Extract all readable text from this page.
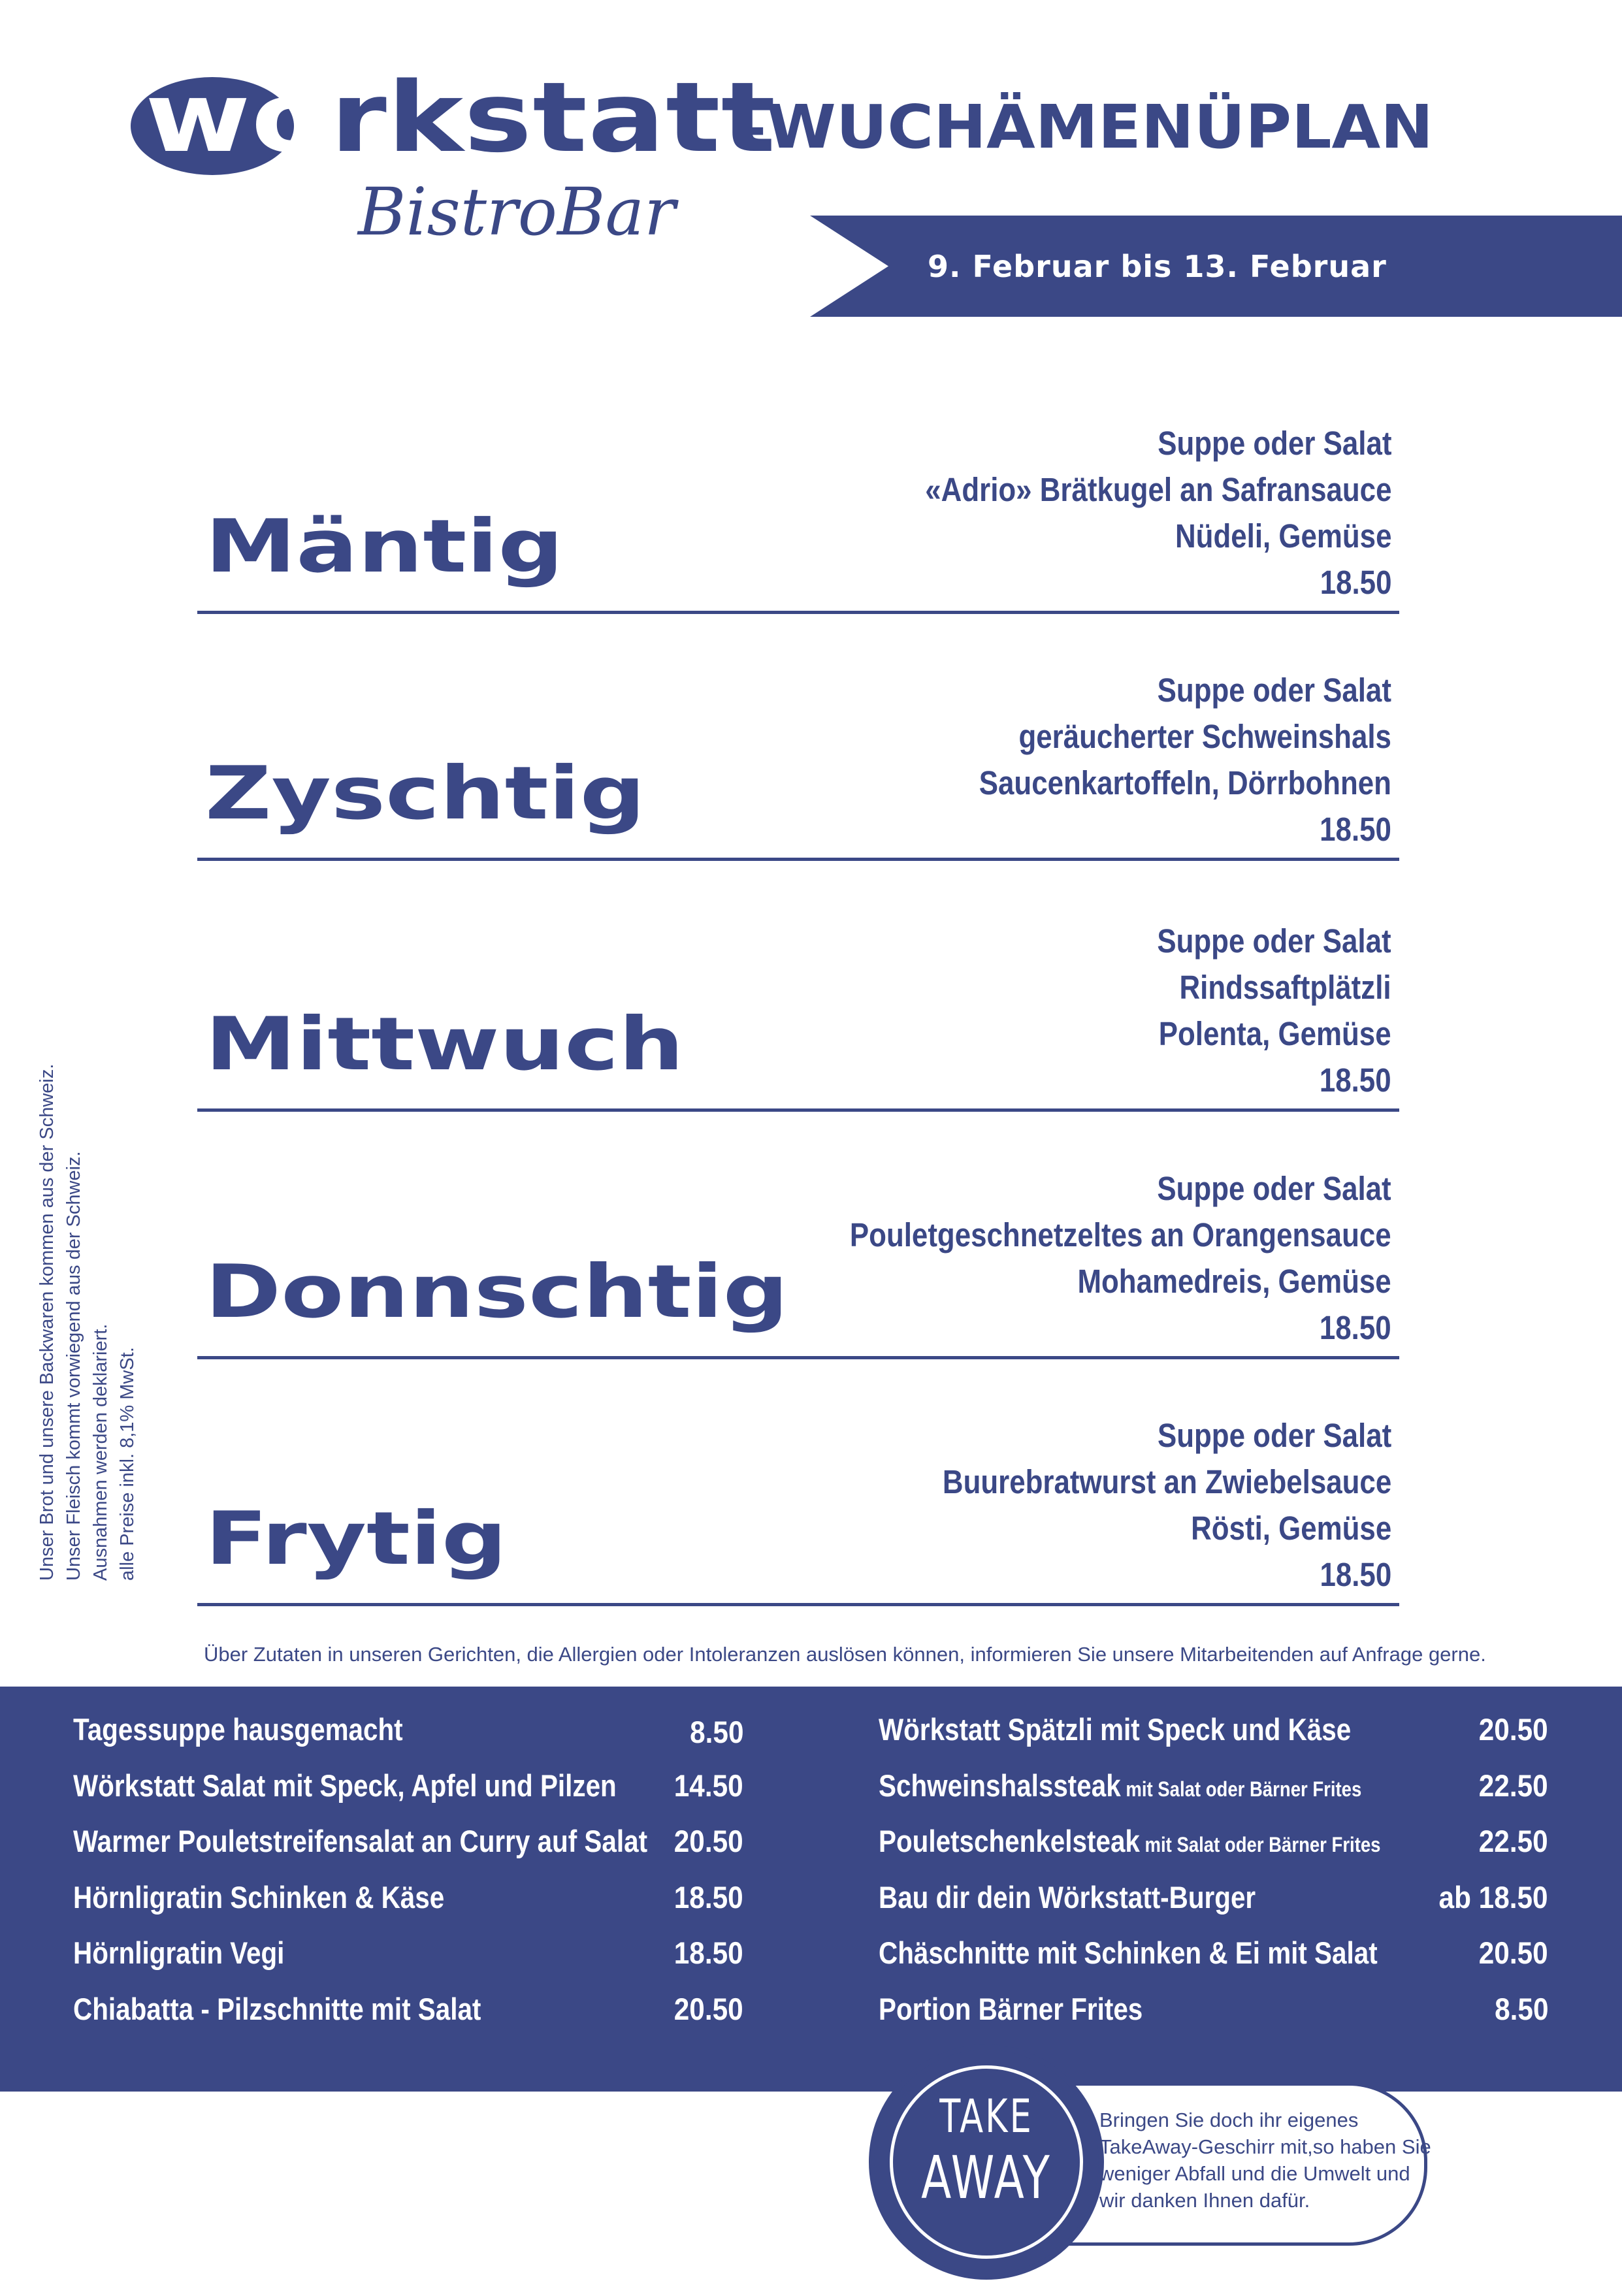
wörkstatt
–WUCHÄMENÜPLAN
BistroBar
9. Februar bis 13. Februar
Mäntig
Suppe oder Salat
«Adrio» Brätkugel an Safransauce
Nüdeli, Gemüse
18.50
Zyschtig
Suppe oder Salat
geräucherter Schweinshals
Saucenkartoffeln, Dörrbohnen
18.50
Mittwuch
Suppe oder Salat
Rindssaftplätzli
Polenta, Gemüse
18.50
Donnschtig
Suppe oder Salat
Pouletgeschnetzeltes an Orangensauce
Mohamedreis, Gemüse
18.50
Frytig
Suppe oder Salat
Buurebratwurst an Zwiebelsauce
Rösti, Gemüse
18.50
Unser Brot und unsere Backwaren kommen aus der Schweiz. Unser Fleisch kommt vorwiegend aus der Schweiz. Ausnahmen werden deklariert. alle Preise inkl. 8,1% MwSt.
Über Zutaten in unseren Gerichten, die Allergien oder Intoleranzen auslösen können, informieren Sie unsere Mitarbeitenden auf Anfrage gerne.
Tagessuppe hausgemacht	8.50
Wörkstatt Salat mit Speck, Apfel und Pilzen 14.50
Warmer Pouletstreifensalat an Curry auf Salat 20.50
Hörnligratin Schinken & Käse	18.50
Hörnligratin Vegi	18.50
Chiabatta - Pilzschnitte mit Salat	20.50
Wörkstatt Spätzli mit Speck und Käse	20.50
Schweinshalssteak mit Salat oder Bärner Frites	22.50
Pouletschenkelsteak mit Salat oder Bärner Frites	22.50
Bau dir dein Wörkstatt-Burger	ab 18.50
Chäschnitte mit Schinken & Ei mit Salat	20.50
Portion Bärner Frites	8.50
TAKE
AWAY
Bringen Sie doch ihr eigenes
TakeAway-Geschirr mit,so haben Sie
weniger Abfall und die Umwelt und
wir danken Ihnen dafür.
